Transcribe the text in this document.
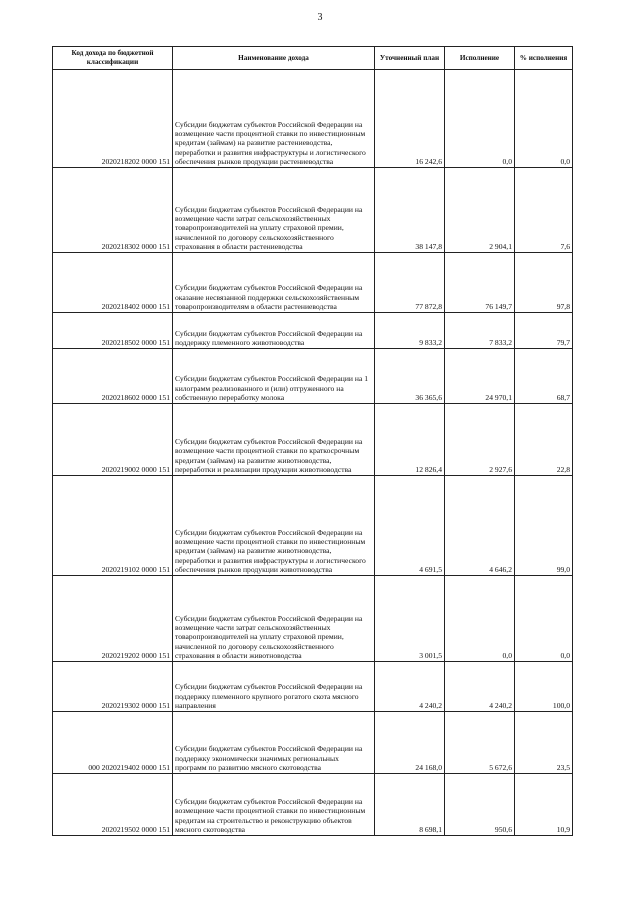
3
Код дохода по бюджетной классификации	Наименование дохода	Уточненный план	Исполнение	% исполнения
2020218202 0000 151	Субсидии бюджетам субъектов Российской Федерации на возмещение части процентной ставки по инвестиционным кредитам (займам) на развитие растениеводства, переработки и развития инфраструктуры и логистического обеспечения рынков продукции растениеводства	16 242,6	0,0	0,0
2020218302 0000 151	Субсидии бюджетам субъектов Российской Федерации на возмещение части затрат сельскохозяйственных товаропроизводителей на уплату страховой премии, начисленной по договору сельскохозяйственного страхования в области растениеводства	38 147,8	2 904,1	7,6
2020218402 0000 151	Субсидии бюджетам субъектов Российской Федерации на оказание несвязанной поддержки сельскохозяйственным товаропроизводителям в области растениеводства	77 872,8	76 149,7	97,8
2020218502 0000 151	Субсидии бюджетам субъектов Российской Федерации на поддержку племенного животноводства	9 833,2	7 833,2	79,7
2020218602 0000 151	Субсидии бюджетам субъектов Российской Федерации на 1 килограмм реализованного и (или) отгруженного на собственную переработку молока	36 365,6	24 970,1	68,7
2020219002 0000 151	Субсидии бюджетам субъектов Российской Федерации на возмещение части процентной ставки по краткосрочным кредитам (займам) на развитие животноводства, переработки и реализации продукции животноводства	12 826,4	2 927,6	22,8
2020219102 0000 151	Субсидии бюджетам субъектов Российской Федерации на возмещение части процентной ставки по инвестиционным кредитам (займам) на развитие животноводства, переработки и развития инфраструктуры и логистического обеспечения рынков продукции животноводства	4 691,5	4 646,2	99,0
2020219202 0000 151	Субсидии бюджетам субъектов Российской Федерации на возмещение части затрат сельскохозяйственных товаропроизводителей на уплату страховой премии, начисленной по договору сельскохозяйственного страхования в области животноводства	3 001,5	0,0	0,0
2020219302 0000 151	Субсидии бюджетам субъектов Российской Федерации на поддержку племенного крупного рогатого скота мясного направления	4 240,2	4 240,2	100,0
000 2020219402 0000 151	Субсидии бюджетам субъектов Российской Федерации на поддержку экономически значимых региональных программ по развитию мясного скотоводства	24 168,0	5 672,6	23,5
2020219502 0000 151	Субсидии бюджетам субъектов Российской Федерации на возмещение части процентной ставки по инвестиционным кредитам на строительство и реконструкцию объектов мясного скотоводства	8 698,1	950,6	10,9
